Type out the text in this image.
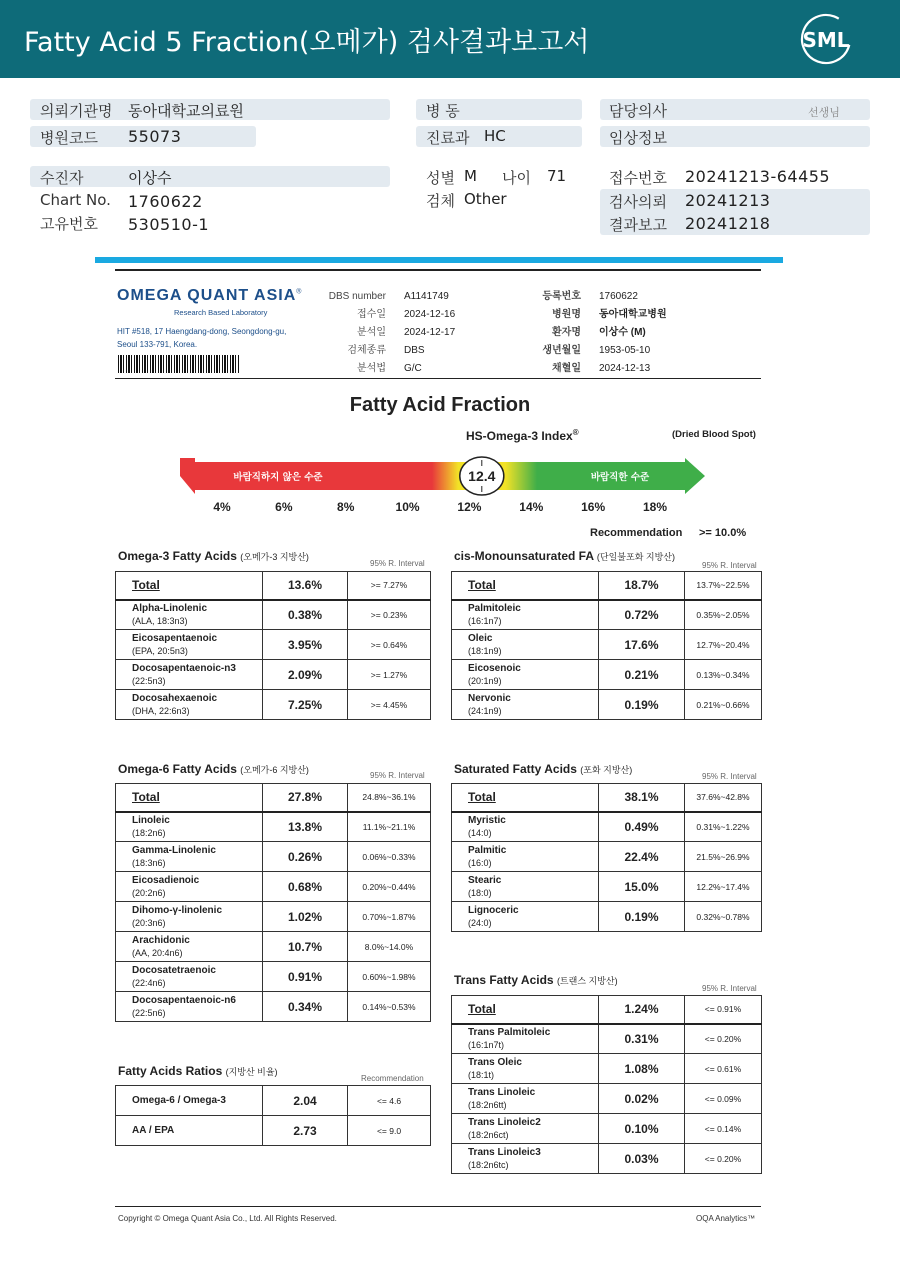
Fatty Acid 5 Fraction(오메가) 검사결과보고서	SML
의뢰기관명 동아대학교의료원
병원코드 55073
병 동
진료과 HC
담당의사	선생님
임상정보
수진자	이상수
Chart No. 1760622
고유번호 530510-1
성별 M 나이 71
검체 Other
접수번호 20241213-64455
검사의뢰 20241213
결과보고 20241218
OMEGA QUANT ASIA®
Research Based Laboratory
HIT #518, 17 Haengdang-dong, Seongdong-gu,
Seoul 133-791, Korea.
DBS number A1141749
접수일 2024-12-16
분석일 2024-12-17
검체종류 DBS
분석법 G/C
등록번호 1760622
병원명 동아대학교병원
환자명 이상수 (M)
생년월일 1953-05-10
채혈일 2024-12-13
Fatty Acid Fraction
HS-Omega-3 Index®	(Dried Blood Spot)
바람직하지 않은 수준	바람직한 수준
12.4
4%	6%	8%	10%	12%	14%	16%	18%
Recommendation >= 10.0%
Omega-3 Fatty Acids (오메가-3 지방산)
95% R. Interval
Total	13.6%	>= 7.27%
Alpha-Linolenic
(ALA, 18:3n3)	0.38%	>= 0.23%
Eicosapentaenoic
(EPA, 20:5n3)	3.95%	>= 0.64%
Docosapentaenoic-n3
(22:5n3)	2.09%	>= 1.27%
Docosahexaenoic
(DHA, 22:6n3)	7.25%	>= 4.45%
cis-Monounsaturated FA (단일불포화 지방산)
95% R. Interval
Total	18.7%	13.7%~22.5%
Palmitoleic
(16:1n7)	0.72%	0.35%~2.05%
Oleic
(18:1n9)	17.6%	12.7%~20.4%
Eicosenoic
(20:1n9)	0.21%	0.13%~0.34%
Nervonic
(24:1n9)	0.19%	0.21%~0.66%
Omega-6 Fatty Acids (오메가-6 지방산)
95% R. Interval
Total	27.8%	24.8%~36.1%
Linoleic
(18:2n6)	13.8%	11.1%~21.1%
Gamma-Linolenic
(18:3n6)	0.26%	0.06%~0.33%
Eicosadienoic
(20:2n6)	0.68%	0.20%~0.44%
Dihomo-γ-linolenic
(20:3n6)	1.02%	0.70%~1.87%
Arachidonic
(AA, 20:4n6)	10.7%	8.0%~14.0%
Docosatetraenoic
(22:4n6)	0.91%	0.60%~1.98%
Docosapentaenoic-n6
(22:5n6)	0.34%	0.14%~0.53%
Saturated Fatty Acids (포화 지방산)
95% R. Interval
Total	38.1%	37.6%~42.8%
Myristic
(14:0)	0.49%	0.31%~1.22%
Palmitic
(16:0)	22.4%	21.5%~26.9%
Stearic
(18:0)	15.0%	12.2%~17.4%
Lignoceric
(24:0)	0.19%	0.32%~0.78%
Trans Fatty Acids (트랜스 지방산)
95% R. Interval
Total	1.24%	<= 0.91%
Trans Palmitoleic
(16:1n7t)	0.31%	<= 0.20%
Trans Oleic
(18:1t)	1.08%	<= 0.61%
Trans Linoleic
(18:2n6tt)	0.02%	<= 0.09%
Trans Linoleic2
(18:2n6ct)	0.10%	<= 0.14%
Trans Linoleic3
(18:2n6tc)	0.03%	<= 0.20%
Fatty Acids Ratios (지방산 비율)
Recommendation
Omega-6 / Omega-3	2.04	<= 4.6
AA / EPA	2.73	<= 9.0
Copyright © Omega Quant Asia Co., Ltd. All Rights Reserved.	OQA Analytics™
